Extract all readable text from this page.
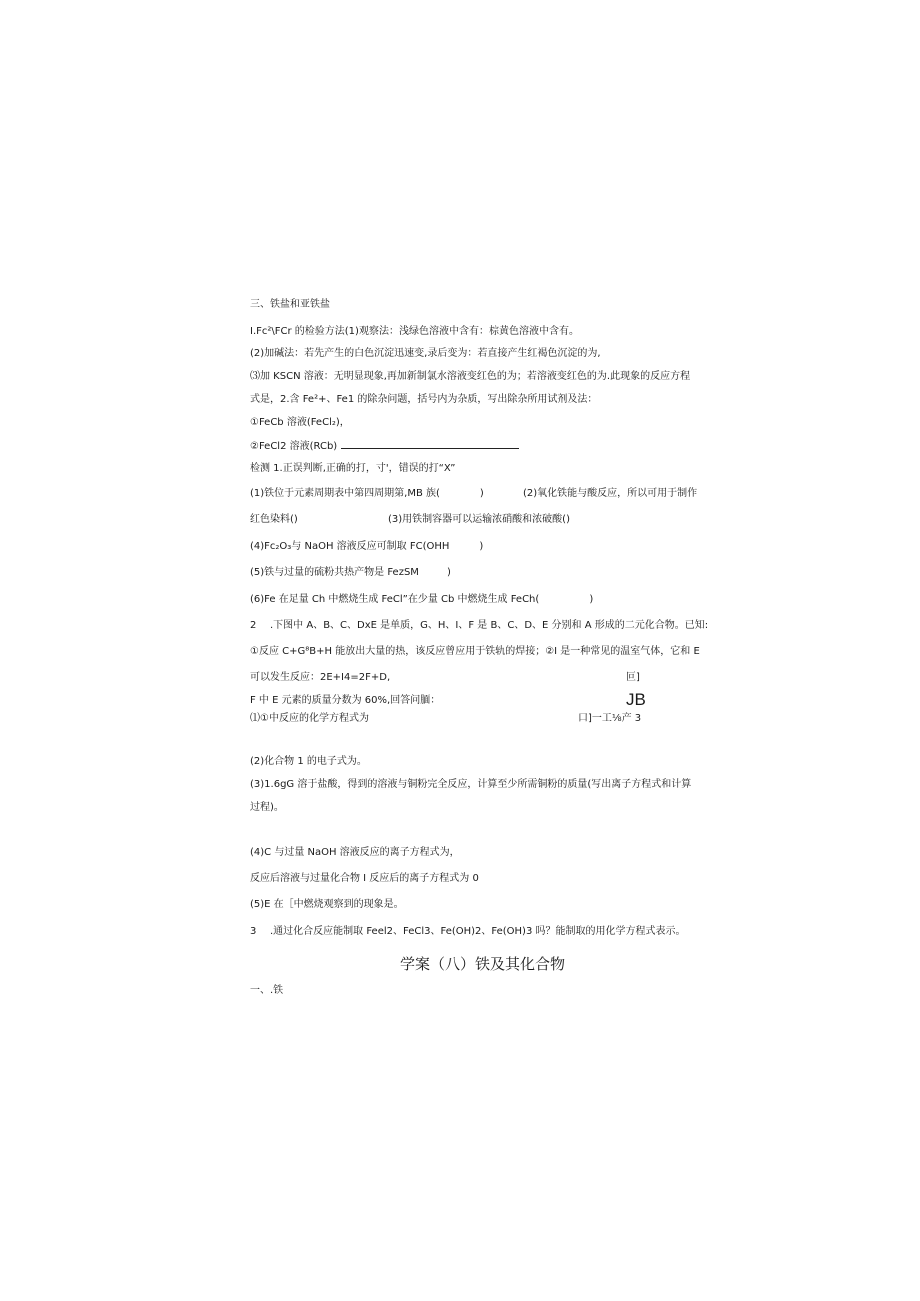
三、铁盐和亚铁盐
I.Fc²\FCr 的检验方法(1)观察法：浅绿色溶液中含有：棕黄色溶液中含有。
(2)加碱法：若先产生的白色沉淀迅速变,录后变为：若直接产生红褐色沉淀的为,
⑶加 KSCN 溶液：无明显现象,再加新制氯水溶液变红色的为；若溶液变红色的为.此现象的反应方程
式是，2.含 Fe²+、Fe1 的除杂问题，括号内为杂质，写出除杂所用试剂及法：
①FeCb 溶液(FeCl₂)，
②FeCl2 溶液(RCb)
检测 1.正误判断,正确的打，寸'，错误的打“X”
(1)铁位于元素周期表中第四周期第,MB 族(	)	(2)氧化铁能与酸反应，所以可用于制作
红色染料()	(3)用铁制容器可以运输浓硝酸和浓破酸()
(4)Fc₂O₃与 NaOH 溶液反应可制取 FC(OHH	)
(5)铁与过量的硫粉共热产物是 FezSM	)
(6)Fe 在足量 Ch 中燃烧生成 FeCl”在少量 Cb 中燃烧生成 FeCh(	)
2 .下图中 A、B、C、DxE 是单质，G、H、I、F 是 B、C、D、E 分别和 A 形成的二元化合物。已知:
①反应 C+G⁸B+H 能放出大量的热，该反应曾应用于铁轨的焊接；②I 是一种常见的温室气体，它和 E
可以发生反应：2E+I4=2F+D,	叵]
F 中 E 元素的质量分数为 60%,回答问腼：	JB
⑴①中反应的化学方程式为	口]一工⅛产 3
(2)化合物 1 的电子式为。
(3)1.6gG 溶于盐酸，得到的溶液与铜粉完全反应，计算至少所需铜粉的质量(写出离子方程式和计算
过程)。
(4)C 与过量 NaOH 溶液反应的离子方程式为，
反应后溶液与过量化合物 I 反应后的离子方程式为 0
(5)E 在［中燃烧观察到的现象是。
3 .通过化合反应能制取 Feel2、FeCl3、Fe(OH)2、Fe(OH)3 吗？能制取的用化学方程式表示。
学案（八）铁及其化合物
一、.铁
